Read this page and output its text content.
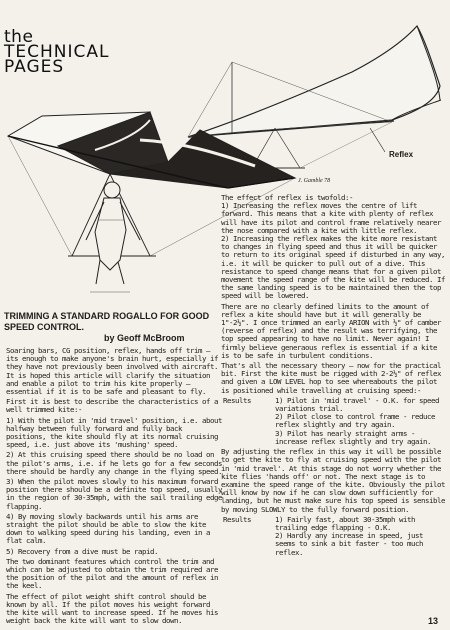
the
TECHNICAL
PAGES
Reflex
J. Gamble 78
TRIMMING A STANDARD ROGALLO FOR GOOD SPEED CONTROL.
by Geoff McBroom

Soaring bars, CG position, reflex, hands off trim — its enough to make anyone's brain hurt, especially if they have not previously been involved with aircraft. It is hoped this article will clarify the situation and enable a pilot to trim his kite properly — essential if it is to be safe and pleasant to fly.

First it is best to describe the characteristics of a well trimmed kite:-

1) With the pilot in 'mid travel' position, i.e. about halfway between fully forward and fully back positions, the kite should fly at its normal cruising speed, i.e. just above its 'mushing' speed.

2) At this cruising speed there should be no load on the pilot's arms, i.e. if he lets go for a few seconds there should be hardly any change in the flying speed.

3) When the pilot moves slowly to his maximum forward position there should be a definite top speed, usually in the region of 30-35mph, with the sail trailing edge flapping.

4) By moving slowly backwards until his arms are straight the pilot should be able to slow the kite down to walking speed during his landing, even in a flat calm.

5) Recovery from a dive must be rapid.

The two dominant features which control the trim and which can be adjusted to obtain the trim required are the position of the pilot and the amount of reflex in the keel.

The effect of pilot weight shift control should be known by all. If the pilot moves his weight forward the kite will want to increase speed. If he moves his weight back the kite will want to slow down.

The effect of reflex is twofold:-

1) Increasing the reflex moves the centre of lift forward. This means that a kite with plenty of reflex will have its pilot and control frame relatively nearer the nose compared with a kite with little reflex.

2) Increasing the reflex makes the kite more resistant to changes in flying speed and thus it will be quicker to return to its original speed if disturbed in any way, i.e. it will be quicker to pull out of a dive. This resistance to speed change means that for a given pilot movement the speed range of the kite will be reduced. If the same landing speed is to be maintained then the top speed will be lowered.

There are no clearly defined limits to the amount of reflex a kite should have but it will generally be 1"-2½". I once trimmed an early ARION with ½" of camber (reverse of reflex) and the result was terrifying, the top speed appearing to have no limit. Never again! I firmly believe generaous reflex is essential if a kite is to be safe in turbulent conditions.

That's all the necessary theory — now for the practical bit. First the kite must be rigged with 2-2½" of reflex and given a LOW LEVEL hop to see whereabouts the pilot is positioned while travelling at cruising speed:-

Results	1) Pilot in 'mid travel' - O.K. for speed variations trial.

2) Pilot close to control frame - reduce reflex slightly and try again.

3) Pilot has nearly straight arms - increase reflex slightly and try again.

By adjusting the reflex in this way it will be possible to get the kite to fly at cruising speed with the pilot in 'mid travel'. At this stage do not worry whether the kite flies 'hands off' or not. The next stage is to examine the speed range of the kite. Obviously the pilot will know by now if he can slow down sufficiently for landing, but he must make sure his top speed is sensible by moving SLOWLY to the fully forward position.

Results	1) Fairly fast, about 30-35mph with trailing edge flapping - O.K.

2) Hardly any increase in speed, just seems to sink a bit faster - too much reflex.

13
